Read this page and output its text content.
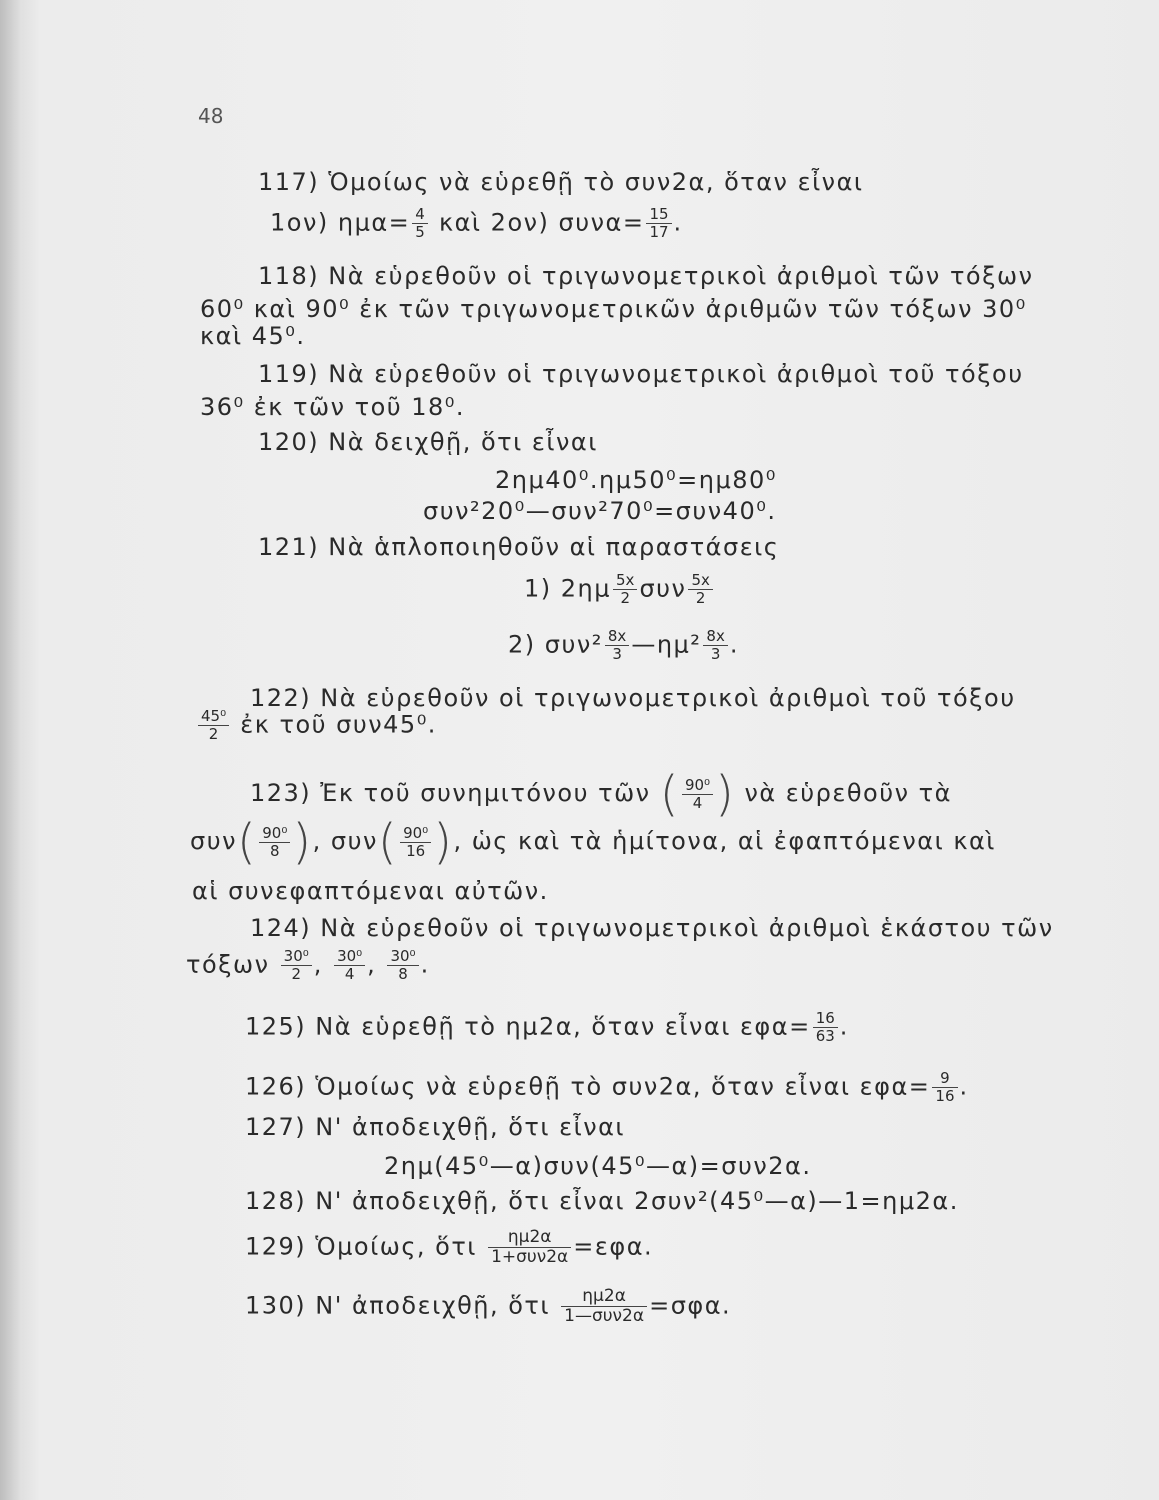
48
117) Ὁμοίως νὰ εὑρεθῇ τὸ συν2α, ὅταν εἶναι
1ον) $\eta\mu\alpha= \frac{4}{5}$ καὶ 2ον) $\sigma\upsilon\nu\alpha= \frac{15}{17}$ .
118) Νὰ εὑρεθοῦν οἱ τριγωνομετρικοὶ ἀριθμοὶ τῶν τόξων
60⁰ καὶ 90⁰ ἐκ τῶν τριγωνομετρικῶν ἀριθμῶν τῶν τόξων 30⁰
καὶ 45⁰.
119) Νὰ εὑρεθοῦν οἱ τριγωνομετρικοὶ ἀριθμοὶ τοῦ τόξου
36⁰ ἐκ τῶν τοῦ 18⁰.
120) Νὰ δειχθῇ, ὅτι εἶναι
2ημ40⁰.ημ50⁰=ημ80⁰
συν²20⁰—συν²70⁰=συν40⁰.
121) Νὰ ἁπλοποιηθοῦν αἱ παραστάσεις
1) $2\eta\mu \frac{5x}{2}$ συν $\frac{5x}{2}$
2) $\sigma\upsilon\nu^2 \frac{8x}{3}$ —ημ² $\frac{8x}{3}$ .
122) Νὰ εὑρεθοῦν οἱ τριγωνομετρικοὶ ἀριθμοὶ τοῦ τόξου
$\frac{\text{45⁰}}{2}$ ἐκ τοῦ συν45⁰.
123) Ἐκ τοῦ συνημιτόνου τῶν ( $\frac{\text{90⁰}}{4}$ ) νὰ εὑρεθοῦν τὰ
$\sigma\upsilon\nu( \frac{\text{90⁰}}{8}$ ), $\sigma\upsilon\nu( \frac{\text{90⁰}}{16}$ ), ὡς καὶ τὰ ἡμίτονα, αἱ ἐφαπτόμεναι καὶ
αἱ συνεφαπτόμεναι αὐτῶν.
124) Νὰ εὑρεθοῦν οἱ τριγωνομετρικοὶ ἀριθμοὶ ἑκάστου τῶν
τόξων $\frac{\text{30⁰}}{2}$ , $\frac{\text{30⁰}}{4}$ , $\frac{\text{30⁰}}{8}$ .
125) Νὰ εὑρεθῇ τὸ ημ2α, ὅταν εἶναι $\varepsilon\varphi\alpha= \frac{16}{63}$ .
126) Ὁμοίως νὰ εὑρεθῇ τὸ συν2α, ὅταν εἶναι $\varepsilon\varphi\alpha= \frac{9}{16}$ .
127) Ν' ἀποδειχθῇ, ὅτι εἶναι
2ημ(45⁰—α)συν(45⁰—α)=συν2α.
128) Ν' ἀποδειχθῇ, ὅτι εἶναι 2συν²(45⁰—α)—1=ημ2α.
129) Ὁμοίως, ὅτι	ημ2α
1+συν2α =εφα.
130) Ν' ἀποδειχθῇ, ὅτι	ημ2α
1—συν2α =σφα.
